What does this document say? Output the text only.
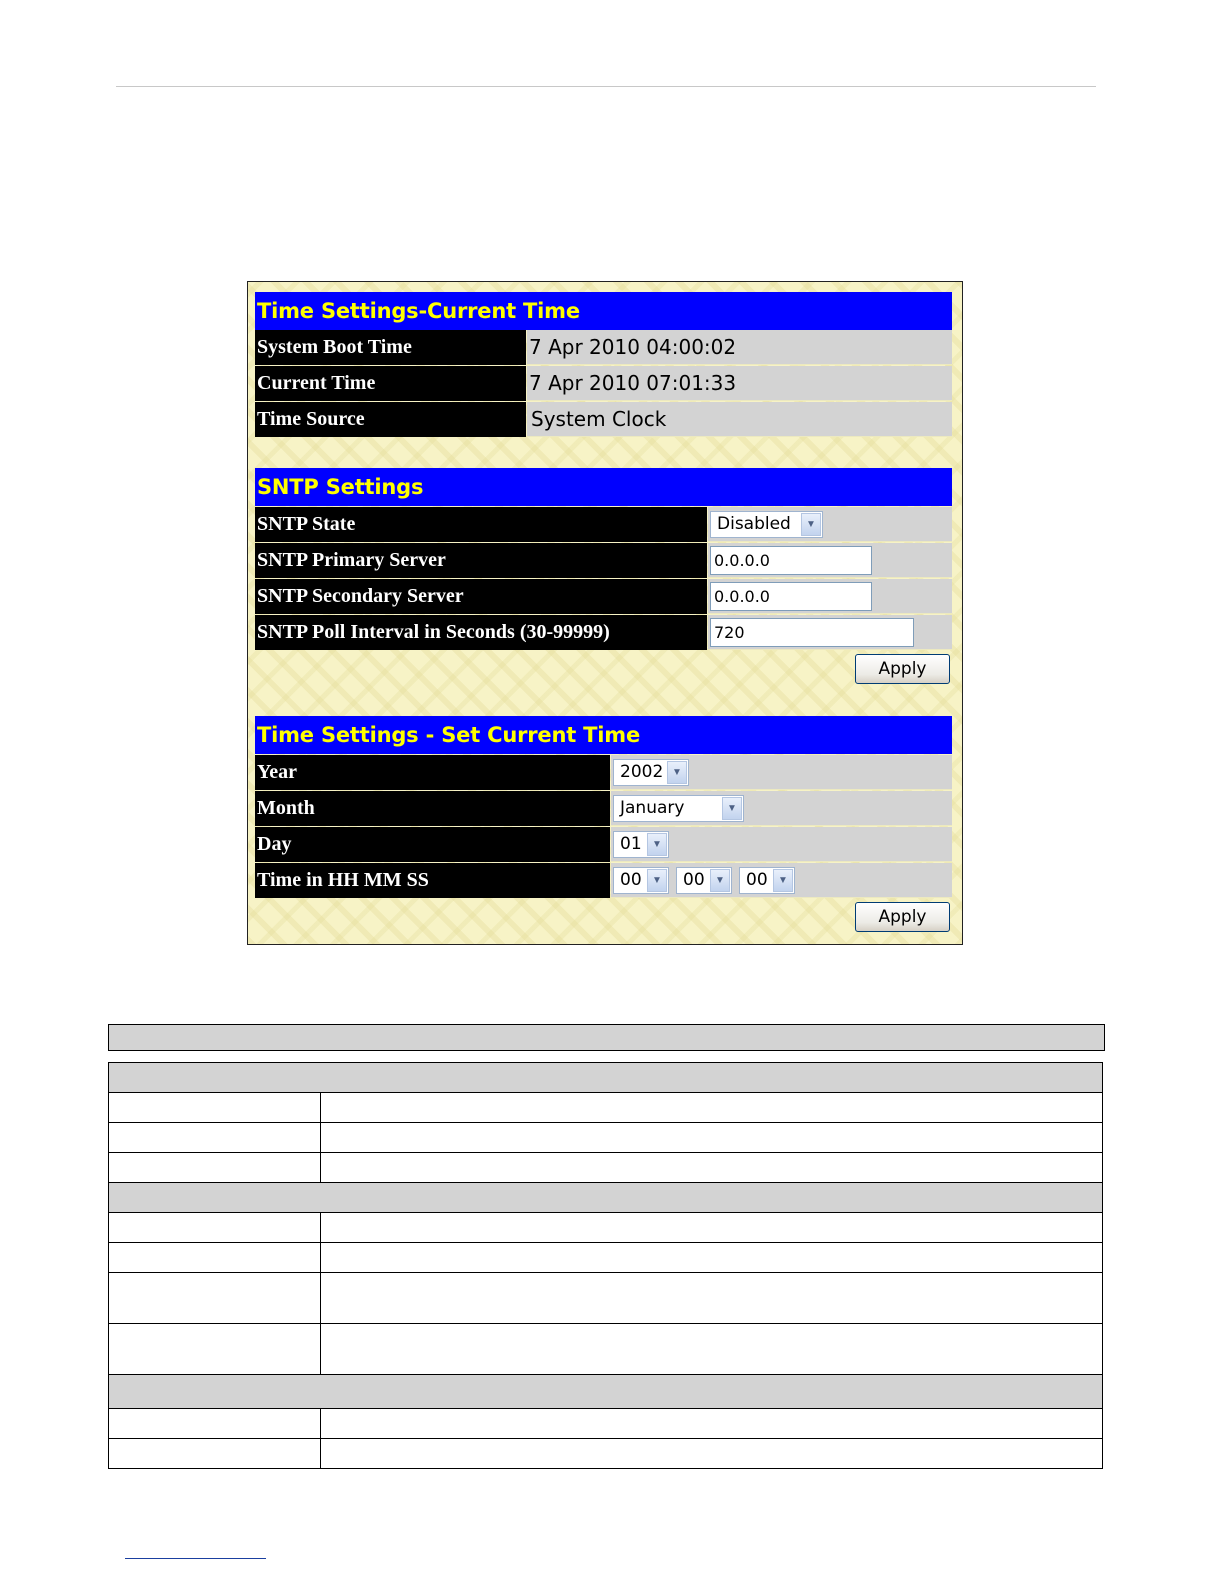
Time Settings-Current Time
System Boot Time	7 Apr 2010 04:00:02
Current Time	7 Apr 2010 07:01:33
Time Source	System Clock
SNTP Settings
SNTP State	Disabled	▼
SNTP Primary Server	0.0.0.0
SNTP Secondary Server	0.0.0.0
SNTP Poll Interval in Seconds (30-99999)	720
Apply
Time Settings - Set Current Time
Year	2002 ▼
Month	January	▼
Day	01	▼
Time in HH MM SS	00	▼ 00	▼ 00	▼
Apply
